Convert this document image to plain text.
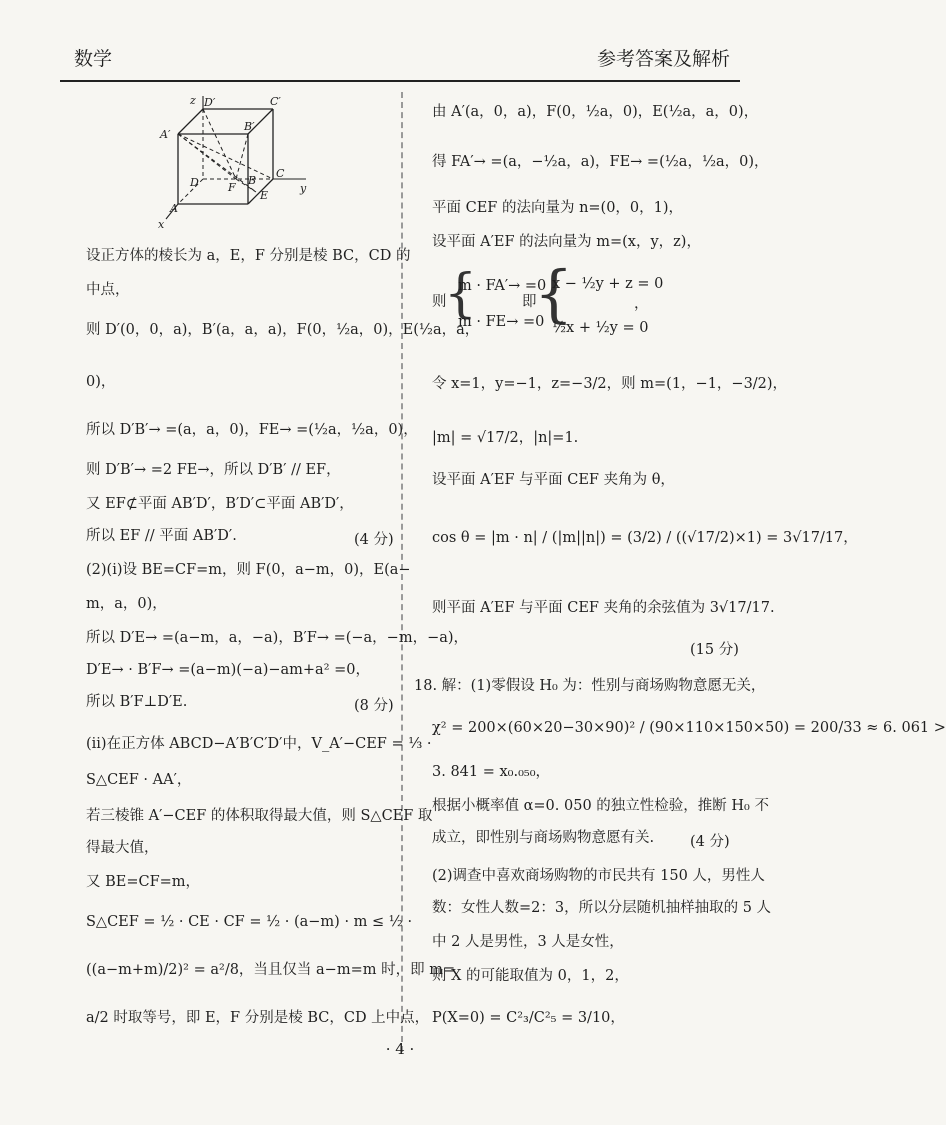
数学	参考答案及解析
z D′	C′
A′
B′
D
C
F
E
B
A
y
x
设正方体的棱长为 a，E，F 分别是棱 BC，CD 的
中点，
则 D′(0，0，a)，B′(a，a，a)，F(0，½a，0)，E(½a，a，
0)，
所以 D′B′→ =(a，a，0)，FE→ =(½a，½a，0)，
则 D′B′→ =2 FE→，所以 D′B′ // EF，
又 EF⊄平面 AB′D′，B′D′⊂平面 AB′D′，
所以 EF // 平面 AB′D′.	(4 分)
(2)(ⅰ)设 BE=CF=m，则 F(0，a−m，0)，E(a−
m，a，0)，
所以 D′E→ =(a−m，a，−a)，B′F→ =(−a，−m，−a)，
D′E→ · B′F→ =(a−m)(−a)−am+a² =0，
所以 B′F⊥D′E.	(8 分)
(ⅱ)在正方体 ABCD−A′B′C′D′中，V_A′−CEF = ⅓ ·
S△CEF · AA′，
若三棱锥 A′−CEF 的体积取得最大值，则 S△CEF 取
得最大值，
又 BE=CF=m，
S△CEF = ½ · CE · CF = ½ · (a−m) · m ≤ ½ ·
((a−m+m)/2)² = a²/8，当且仅当 a−m=m 时，即 m=
a/2 时取等号，即 E，F 分别是棱 BC，CD 上中点，
由 A′(a，0，a)，F(0，½a，0)，E(½a，a，0)，
得 FA′→ =(a，−½a，a)，FE→ =(½a，½a，0)，
平面 CEF 的法向量为 n=(0，0，1)，
设平面 A′EF 的法向量为 m=(x，y，z)，
则
{
m · FA′→ =0
m · FE→ =0
即
{
x − ½y + z = 0
½x + ½y = 0
，
令 x=1，y=−1，z=−3/2，则 m=(1，−1，−3/2)，
|m| = √17/2，|n|=1.
设平面 A′EF 与平面 CEF 夹角为 θ，
cos θ = |m · n| / (|m||n|) = (3/2) / ((√17/2)×1) = 3√17/17，
则平面 A′EF 与平面 CEF 夹角的余弦值为 3√17/17.
(15 分)
18. 解：(1)零假设 H₀ 为：性别与商场购物意愿无关，
χ² = 200×(60×20−30×90)² / (90×110×150×50) = 200/33 ≈ 6. 061 >
3. 841 = x₀.₀₅₀，
根据小概率值 α=0. 050 的独立性检验，推断 H₀ 不
成立，即性别与商场购物意愿有关. (4 分)
(2)调查中喜欢商场购物的市民共有 150 人，男性人
数：女性人数=2：3，所以分层随机抽样抽取的 5 人
中 2 人是男性，3 人是女性，
则 X 的可能取值为 0，1，2，
P(X=0) = C²₃/C²₅ = 3/10，
· 4 ·
